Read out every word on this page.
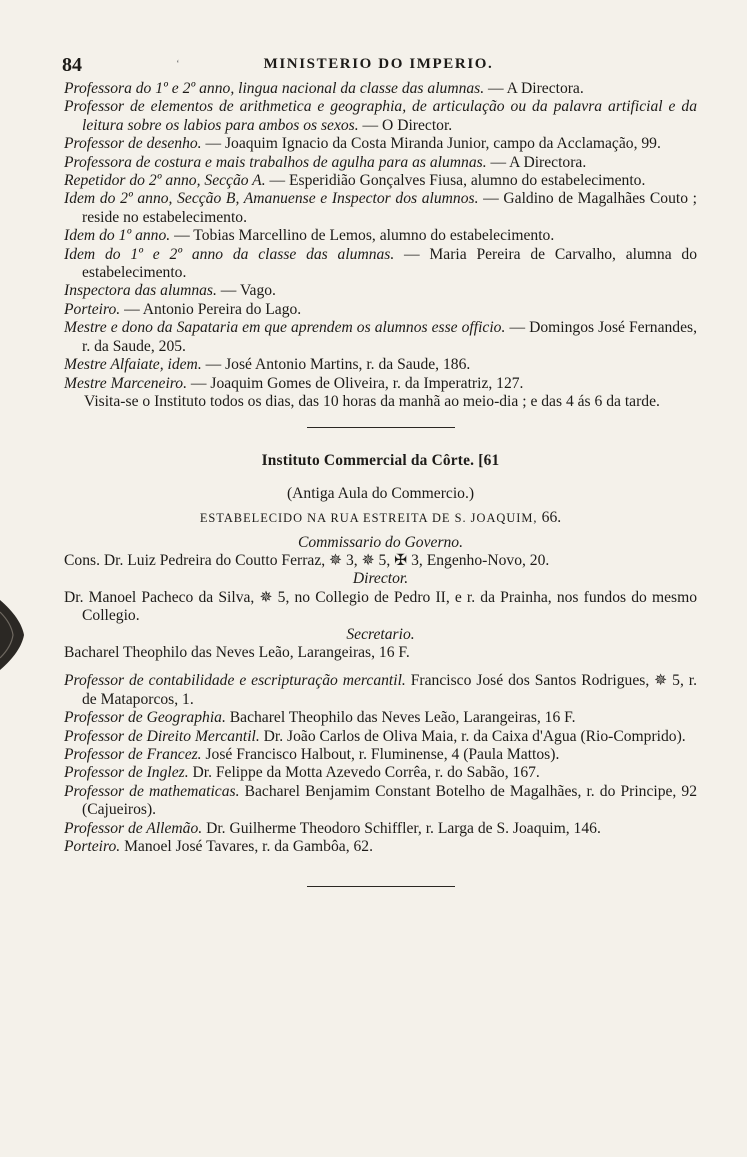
‘
84	MINISTERIO DO IMPERIO.

Professora do 1º e 2º anno, lingua nacional da classe das alumnas. — A Directora.

Professor de elementos de arithmetica e geographia, de articulação ou da palavra artificial e da leitura sobre os labios para ambos os sexos. — O Director.

Professor de desenho. — Joaquim Ignacio da Costa Miranda Junior, campo da Acclamação, 99.

Professora de costura e mais trabalhos de agulha para as alumnas. — A Directora.

Repetidor do 2º anno, Secção A. — Esperidião Gonçalves Fiusa, alumno do estabelecimento.

Idem do 2º anno, Secção B, Amanuense e Inspector dos alumnos. — Galdino de Magalhães Couto ; reside no estabelecimento.

Idem do 1º anno. — Tobias Marcellino de Lemos, alumno do estabelecimento.

Idem do 1º e 2º anno da classe das alumnas. — Maria Pereira de Carvalho, alumna do estabelecimento.

Inspectora das alumnas. — Vago.

Porteiro. — Antonio Pereira do Lago.

Mestre e dono da Sapataria em que aprendem os alumnos esse officio. — Domingos José Fernandes, r. da Saude, 205.

Mestre Alfaiate, idem. — José Antonio Martins, r. da Saude, 186.

Mestre Marceneiro. — Joaquim Gomes de Oliveira, r. da Imperatriz, 127.

Visita-se o Instituto todos os dias, das 10 horas da manhã ao meio-dia ; e das 4 ás 6 da tarde.

Instituto Commercial da Côrte. [61

(Antiga Aula do Commercio.)

ESTABELECIDO NA RUA ESTREITA DE S. JOAQUIM, 66.

Commissario do Governo.

Cons. Dr. Luiz Pedreira do Coutto Ferraz, ✵ 3, ✵ 5, ✠ 3, Engenho-Novo, 20.

Director.

Dr. Manoel Pacheco da Silva, ✵ 5, no Collegio de Pedro II, e r. da Prainha, nos fundos do mesmo Collegio.

Secretario.

Bacharel Theophilo das Neves Leão, Larangeiras, 16 F.

Professor de contabilidade e escripturação mercantil. Francisco José dos Santos Rodrigues, ✵ 5, r. de Mataporcos, 1.

Professor de Geographia. Bacharel Theophilo das Neves Leão, Larangeiras, 16 F.

Professor de Direito Mercantil. Dr. João Carlos de Oliva Maia, r. da Caixa d'Agua (Rio-Comprido).

Professor de Francez. José Francisco Halbout, r. Fluminense, 4 (Paula Mattos).

Professor de Inglez. Dr. Felippe da Motta Azevedo Corrêa, r. do Sabão, 167.

Professor de mathematicas. Bacharel Benjamim Constant Botelho de Magalhães, r. do Principe, 92 (Cajueiros).

Professor de Allemão. Dr. Guilherme Theodoro Schiffler, r. Larga de S. Joaquim, 146.

Porteiro. Manoel José Tavares, r. da Gambôa, 62.
